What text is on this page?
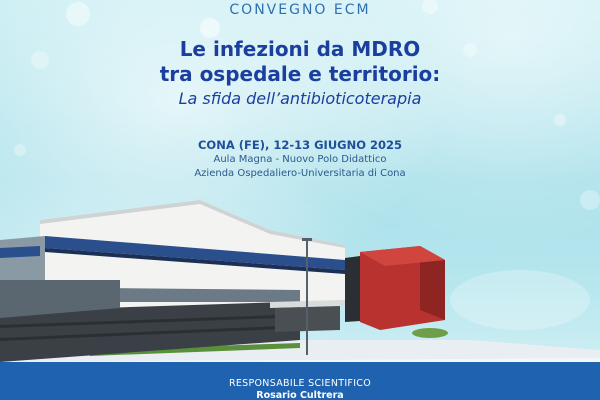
CONVEGNO ECM
Le infezioni da MDRO
tra ospedale e territorio:
La sfida dell’antibioticoterapia
CONA (FE), 12-13 GIUGNO 2025
Aula Magna - Nuovo Polo Didattico
Azienda Ospedaliero-Universitaria di Cona
RESPONSABILE SCIENTIFICO
Rosario Cultrera
